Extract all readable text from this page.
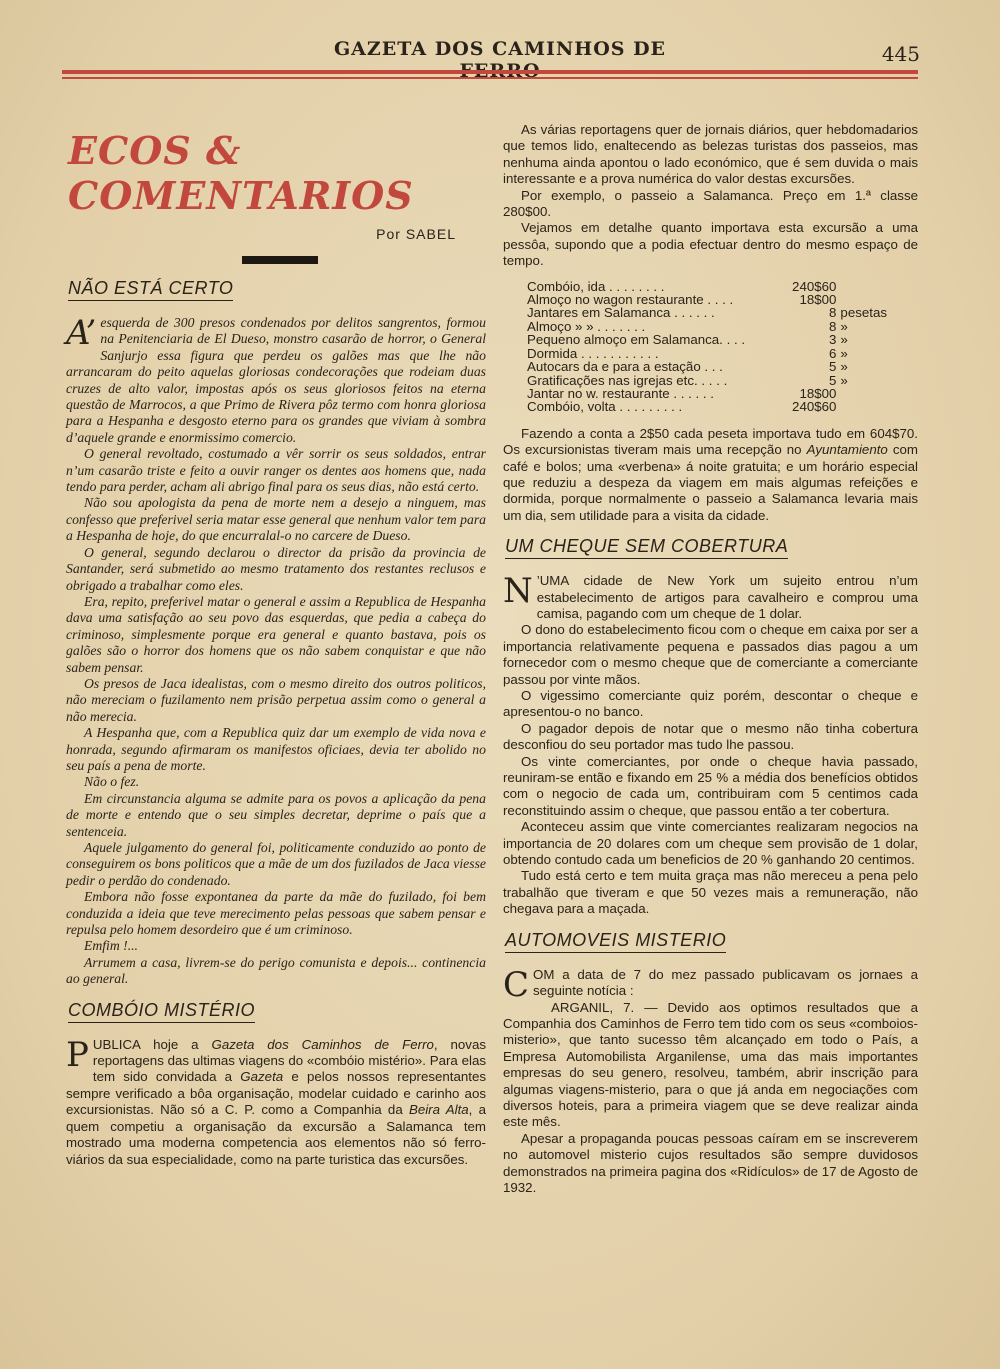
GAZETA DOS CAMINHOS DE	445
ECOS & COMENTARIOS
Por SABEL
NÃO ESTÁ CERTO

A’ esquerda de 300 presos condenados por delitos sangrentos, formou na Penitenciaria de El Dueso, monstro casarão de horror, o General Sanjurjo essa figura que perdeu os galões mas que lhe não arrancaram do peito aquelas gloriosas condecorações que rodeiam duas cruzes de alto valor, impostas após os seus gloriosos feitos na eterna questão de Marrocos, a que Primo de Rivera pôz termo com honra gloriosa para a Hespanha e desgosto eterno para os grandes que viviam à sombra d’aquele grande e enormissimo comercio.

O general revoltado, costumado a vêr sorrir os seus soldados, entrar n’um casarão triste e feito a ouvir ranger os dentes aos homens que, nada tendo para perder, acham ali abrigo final para os seus dias, não está certo.

Não sou apologista da pena de morte nem a desejo a ninguem, mas confesso que preferivel seria matar esse general que nenhum valor tem para a Hespanha de hoje, do que encurralal-o no carcere de Dueso.

O general, segundo declarou o director da prisão da provincia de Santander, será submetido ao mesmo tratamento dos restantes reclusos e obrigado a trabalhar como eles.

Era, repito, preferivel matar o general e assim a Republica de Hespanha dava uma satisfação ao seu povo das esquerdas, que pedia a cabeça do criminoso, simplesmente porque era general e quanto bastava, pois os galões são o horror dos homens que os não sabem conquistar e que não sabem pensar.

Os presos de Jaca idealistas, com o mesmo direito dos outros politicos, não mereciam o fuzilamento nem prisão perpetua assim como o general a não merecia.

A Hespanha que, com a Republica quiz dar um exemplo de vida nova e honrada, segundo afirmaram os manifestos oficiaes, devia ter abolido no seu país a pena de morte.

Não o fez.

Em circunstancia alguma se admite para os povos a aplicação da pena de morte e entendo que o seu simples decretar, deprime o país que a sentenceia.

Aquele julgamento do general foi, politicamente conduzido ao ponto de conseguirem os bons politicos que a mãe de um dos fuzilados de Jaca viesse pedir o perdão do condenado.

Embora não fosse expontanea da parte da mãe do fuzilado, foi bem conduzida a ideia que teve merecimento pelas pessoas que sabem pensar e repulsa pelo homem desordeiro que é um criminoso.

Emfim !...

Arrumem a casa, livrem-se do perigo comunista e depois... continencia ao general.

COMBÓIO MISTÉRIO

PUBLICA hoje a Gazeta dos Caminhos de Ferro, novas reportagens das ultimas viagens do «combóio mistério». Para elas tem sido convidada a Gazeta e pelos nossos representantes sempre verificado a bôa organisação, modelar cuidado e carinho aos excursionistas. Não só a C. P. como a Companhia da Beira Alta, a quem competiu a organisação da excursão a Salamanca tem mostrado uma moderna competencia aos elementos não só ferro-viários da sua especialidade, como na parte turistica das excursões.

As várias reportagens quer de jornais diários, quer hebdomadarios que temos lido, enaltecendo as belezas turistas dos passeios, mas nenhuma ainda apontou o lado económico, que é sem duvida o mais interessante e a prova numérica do valor destas excursões.

Por exemplo, o passeio a Salamanca. Preço em 1.ª classe 280$00.

Vejamos em detalhe quanto importava esta excursão a uma pessôa, supondo que a podia efectuar dentro do mesmo espaço de tempo.

Combóio, ida . . . . . . . .	240$60	
Almoço no wagon restaurante . . . .	18$00	
Jantares em Salamanca . . . . . .	8	pesetas
Almoço » » . . . . . . .	8	»
Pequeno almoço em Salamanca. . . .	3	»
Dormida . . . . . . . . . . .	6	»
Autocars da e para a estação . . .	5	»
Gratificações nas igrejas etc. . . . .	5	»
Jantar no w. restaurante . . . . . .	18$00	
Combóio, volta . . . . . . . . .	240$60	

Fazendo a conta a 2$50 cada peseta importava tudo em 604$70. Os excursionistas tiveram mais uma recepção no Ayuntamiento com café e bolos; uma «verbena» á noite gratuita; e um horário especial que reduziu a despeza da viagem em mais algumas refeições e dormida, porque normalmente o passeio a Salamanca levaria mais um dia, sem utilidade para a visita da cidade.

UM CHEQUE SEM COBERTURA

N ’UMA cidade de New York um sujeito entrou n’um estabelecimento de artigos para cavalheiro e comprou uma camisa, pagando com um cheque de 1 dolar.

O dono do estabelecimento ficou com o cheque em caixa por ser a importancia relativamente pequena e passados dias pagou a um fornecedor com o mesmo cheque que de comerciante a comerciante passou por vinte mãos.

O vigessimo comerciante quiz porém, descontar o cheque e apresentou-o no banco.

O pagador depois de notar que o mesmo não tinha cobertura desconfiou do seu portador mas tudo lhe passou.

Os vinte comerciantes, por onde o cheque havia passado, reuniram-se então e fixando em 25 % a média dos benefícios obtidos com o negocio de cada um, contribuiram com 5 centimos cada reconstituindo assim o cheque, que passou então a ter cobertura.

Aconteceu assim que vinte comerciantes realizaram negocios na importancia de 20 dolares com um cheque sem provisão de 1 dolar, obtendo contudo cada um beneficios de 20 % ganhando 20 centimos.

Tudo está certo e tem muita graça mas não mereceu a pena pelo trabalhão que tiveram e que 50 vezes mais a remuneração, não chegava para a maçada.

AUTOMOVEIS MISTERIO

COM a data de 7 do mez passado publicavam os jornaes a seguinte notícia :

ARGANIL, 7. — Devido aos optimos resultados que a Companhia dos Caminhos de Ferro tem tido com os seus «comboios-misterio», que tanto sucesso têm alcançado em todo o País, a Empresa Automobilista Arganilense, uma das mais importantes empresas do seu genero, resolveu, também, abrir inscrição para algumas viagens-misterio, para o que já anda em negociações com diversos hoteis, para a primeira viagem que se deve realizar ainda este mês.

Apesar a propaganda poucas pessoas caíram em se inscreverem no automovel misterio cujos resultados são sempre duvidosos demonstrados na primeira pagina dos «Ridículos» de 17 de Agosto de 1932.
